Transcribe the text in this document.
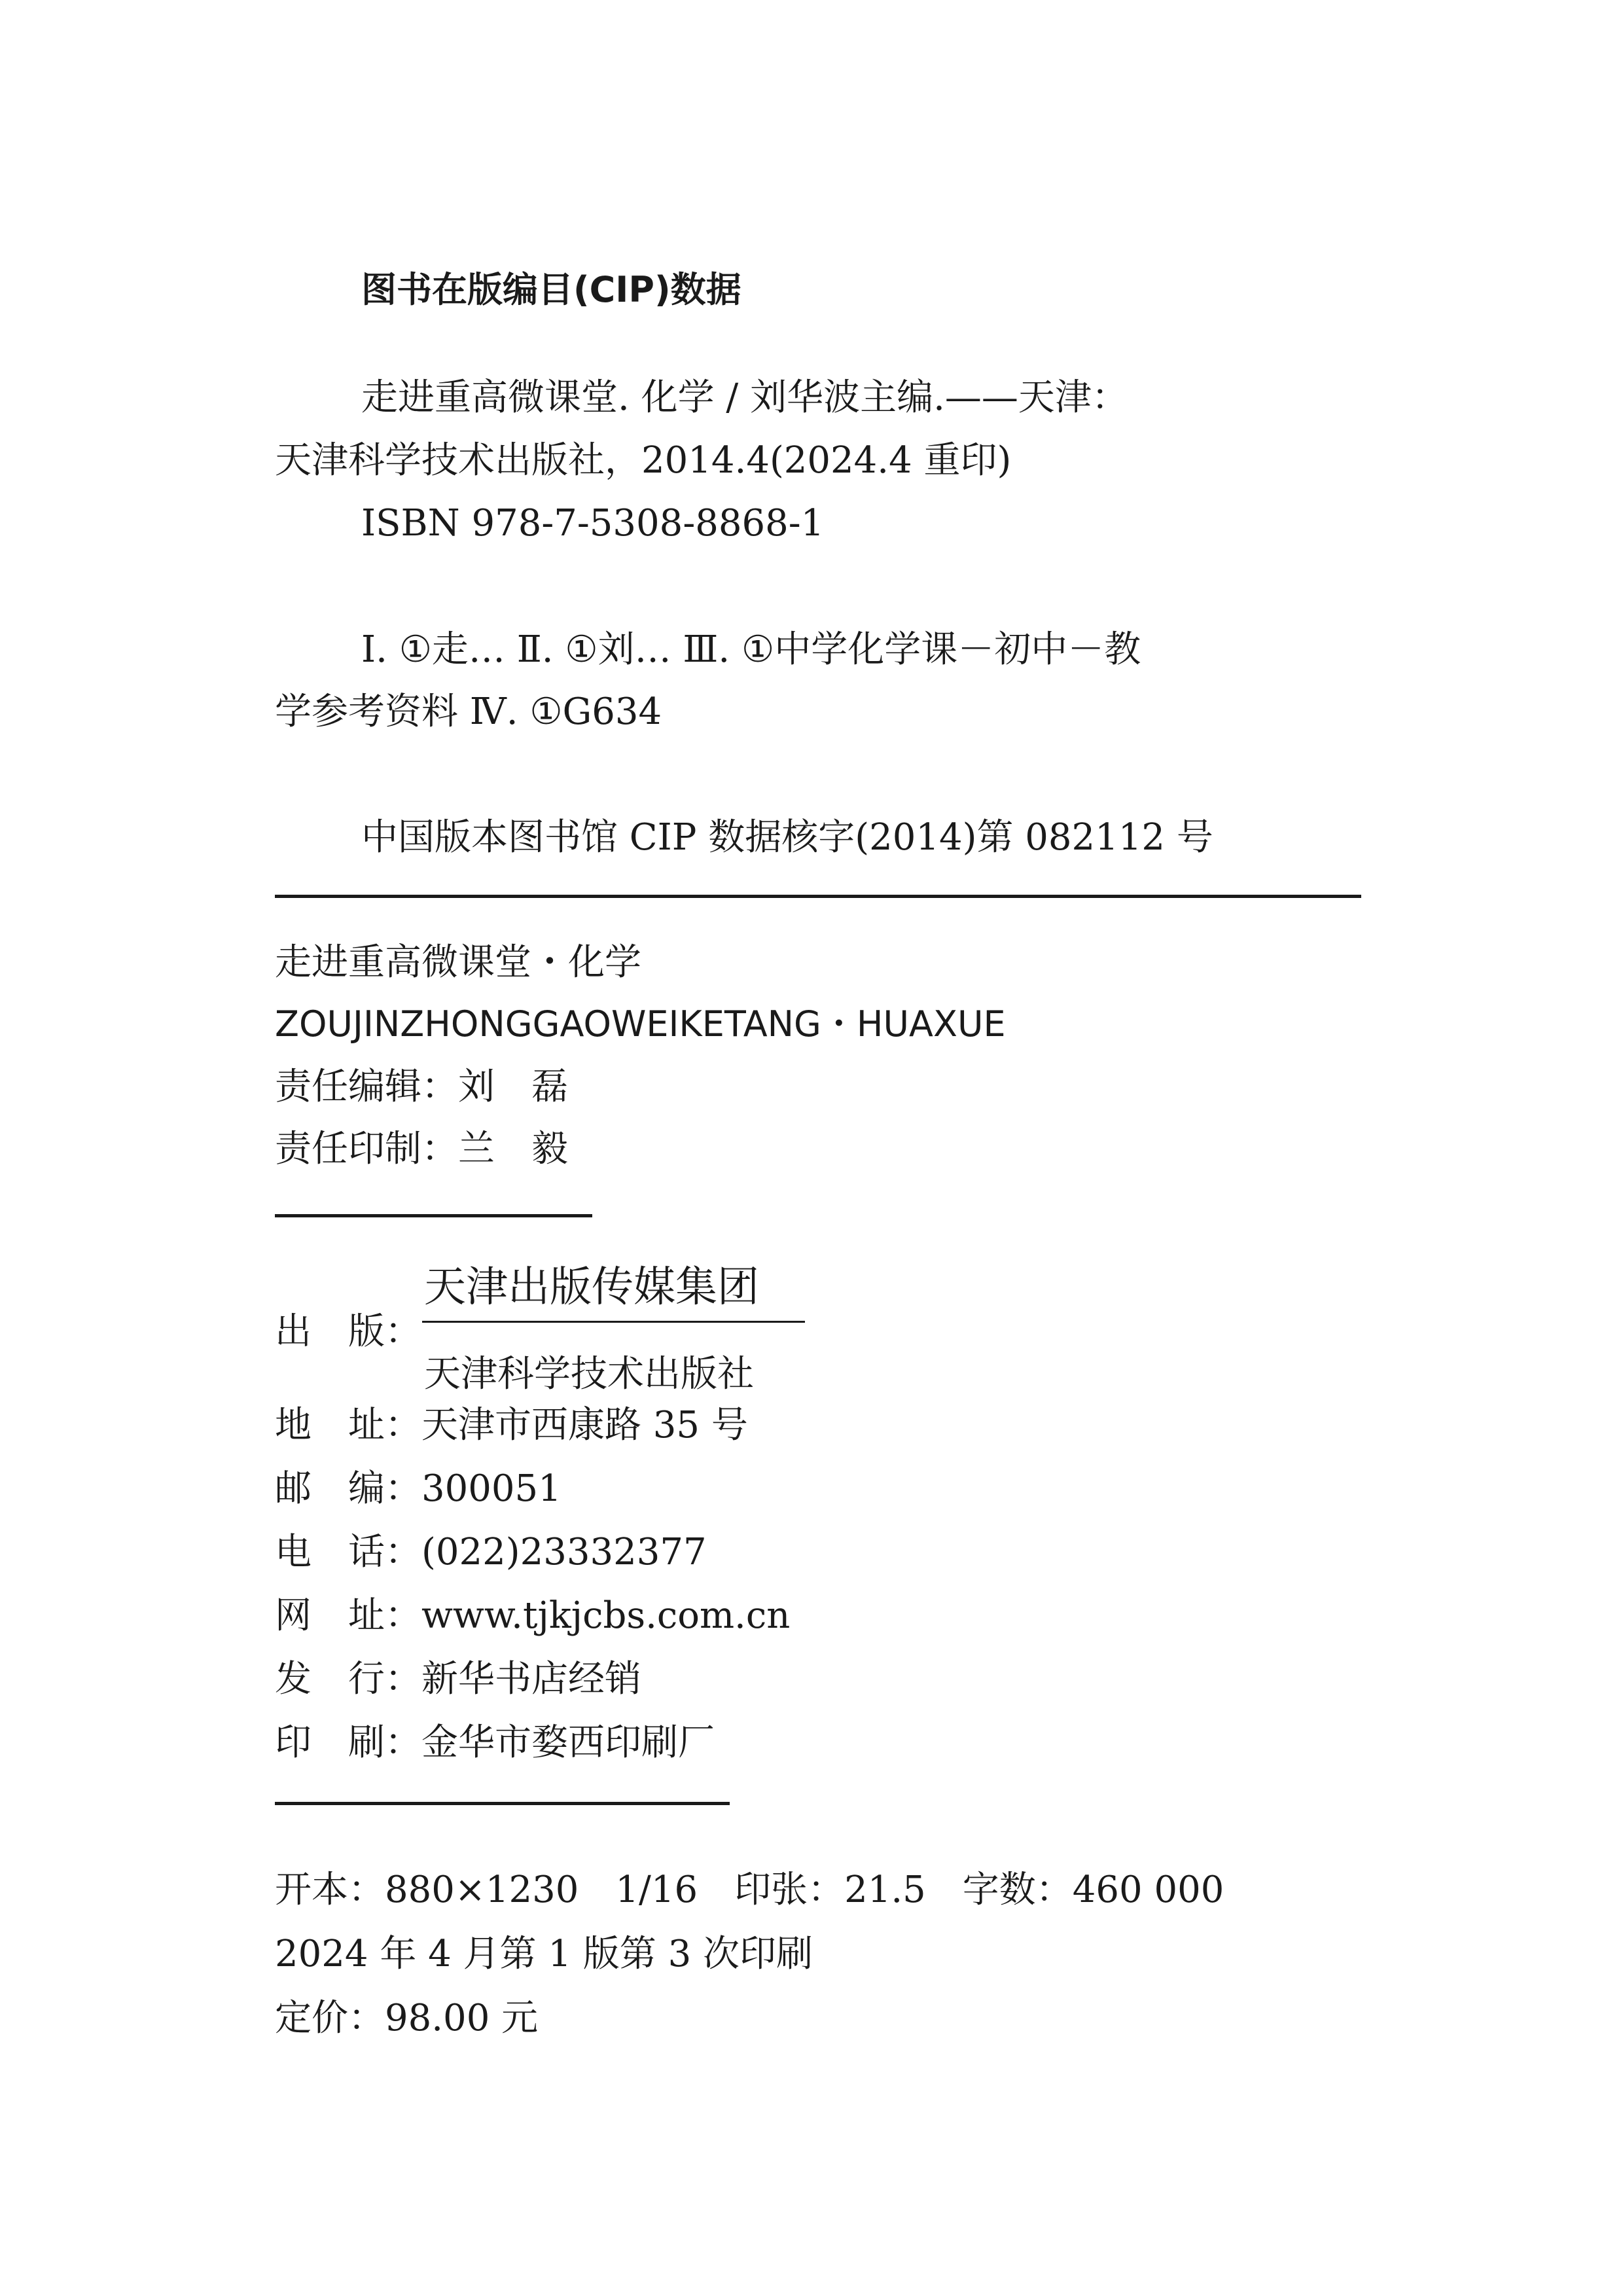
图书在版编目(CIP)数据
走进重高微课堂. 化学 / 刘华波主编.——天津：
天津科学技术出版社，2014.4(2024.4 重印)
ISBN 978-7-5308-8868-1
Ⅰ. ①走… Ⅱ. ①刘… Ⅲ. ①中学化学课－初中－教
学参考资料 Ⅳ. ①G634
中国版本图书馆 CIP 数据核字(2014)第 082112 号
走进重高微课堂・化学
ZOUJINZHONGGAOWEIKETANG・HUAXUE
责任编辑：刘　磊
责任印制：兰　毅
出　版：
天津出版传媒集团
天津科学技术出版社
地　址：天津市西康路 35 号
邮　编：300051
电　话：(022)23332377
网　址：www.tjkjcbs.com.cn
发　行：新华书店经销
印　刷：金华市婺西印刷厂
开本：880×1230　1/16　印张：21.5　字数：460 000
2024 年 4 月第 1 版第 3 次印刷
定价：98.00 元
